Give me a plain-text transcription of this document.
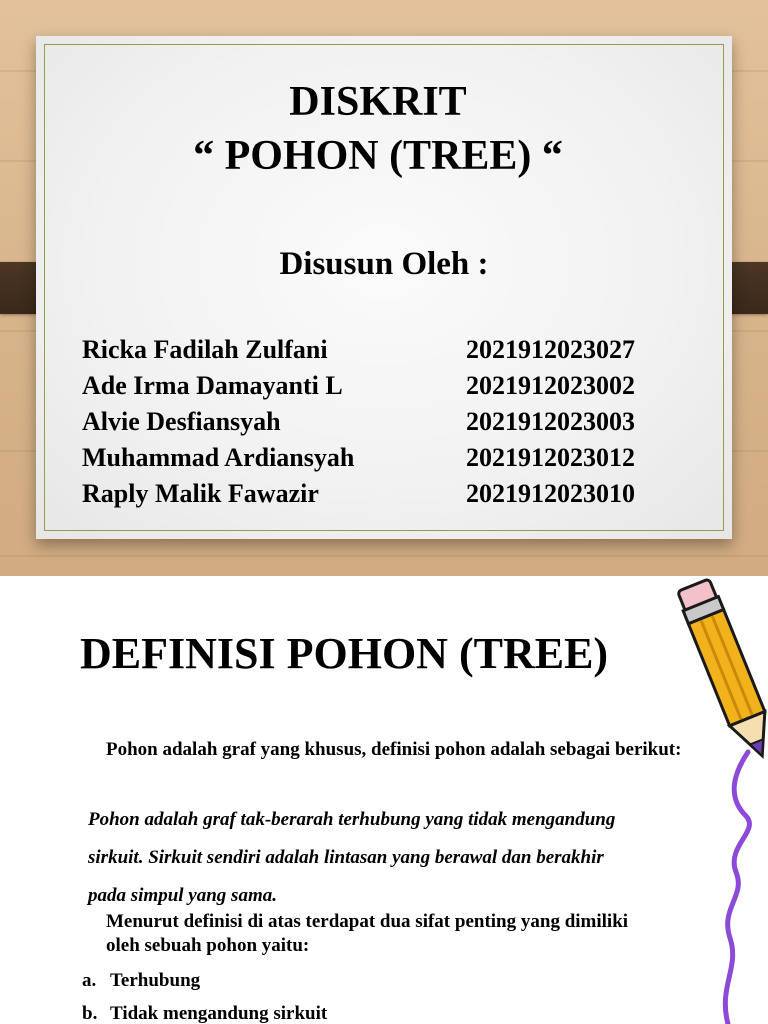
DISKRIT
“ POHON (TREE) “
Disusun Oleh :
Ricka Fadilah Zulfani	2021912023027
Ade Irma Damayanti L	2021912023002
Alvie Desfiansyah	2021912023003
Muhammad Ardiansyah	2021912023012
Raply Malik Fawazir	2021912023010
DEFINISI POHON (TREE)

Pohon adalah graf yang khusus, definisi pohon adalah sebagai berikut:

Pohon adalah graf tak-berarah terhubung yang tidak mengandung
sirkuit. Sirkuit sendiri adalah lintasan yang berawal dan berakhir
pada simpul yang sama.

Menurut definisi di atas terdapat dua sifat penting yang dimiliki oleh sebuah pohon yaitu:

a. Terhubung
b. Tidak mengandung sirkuit
